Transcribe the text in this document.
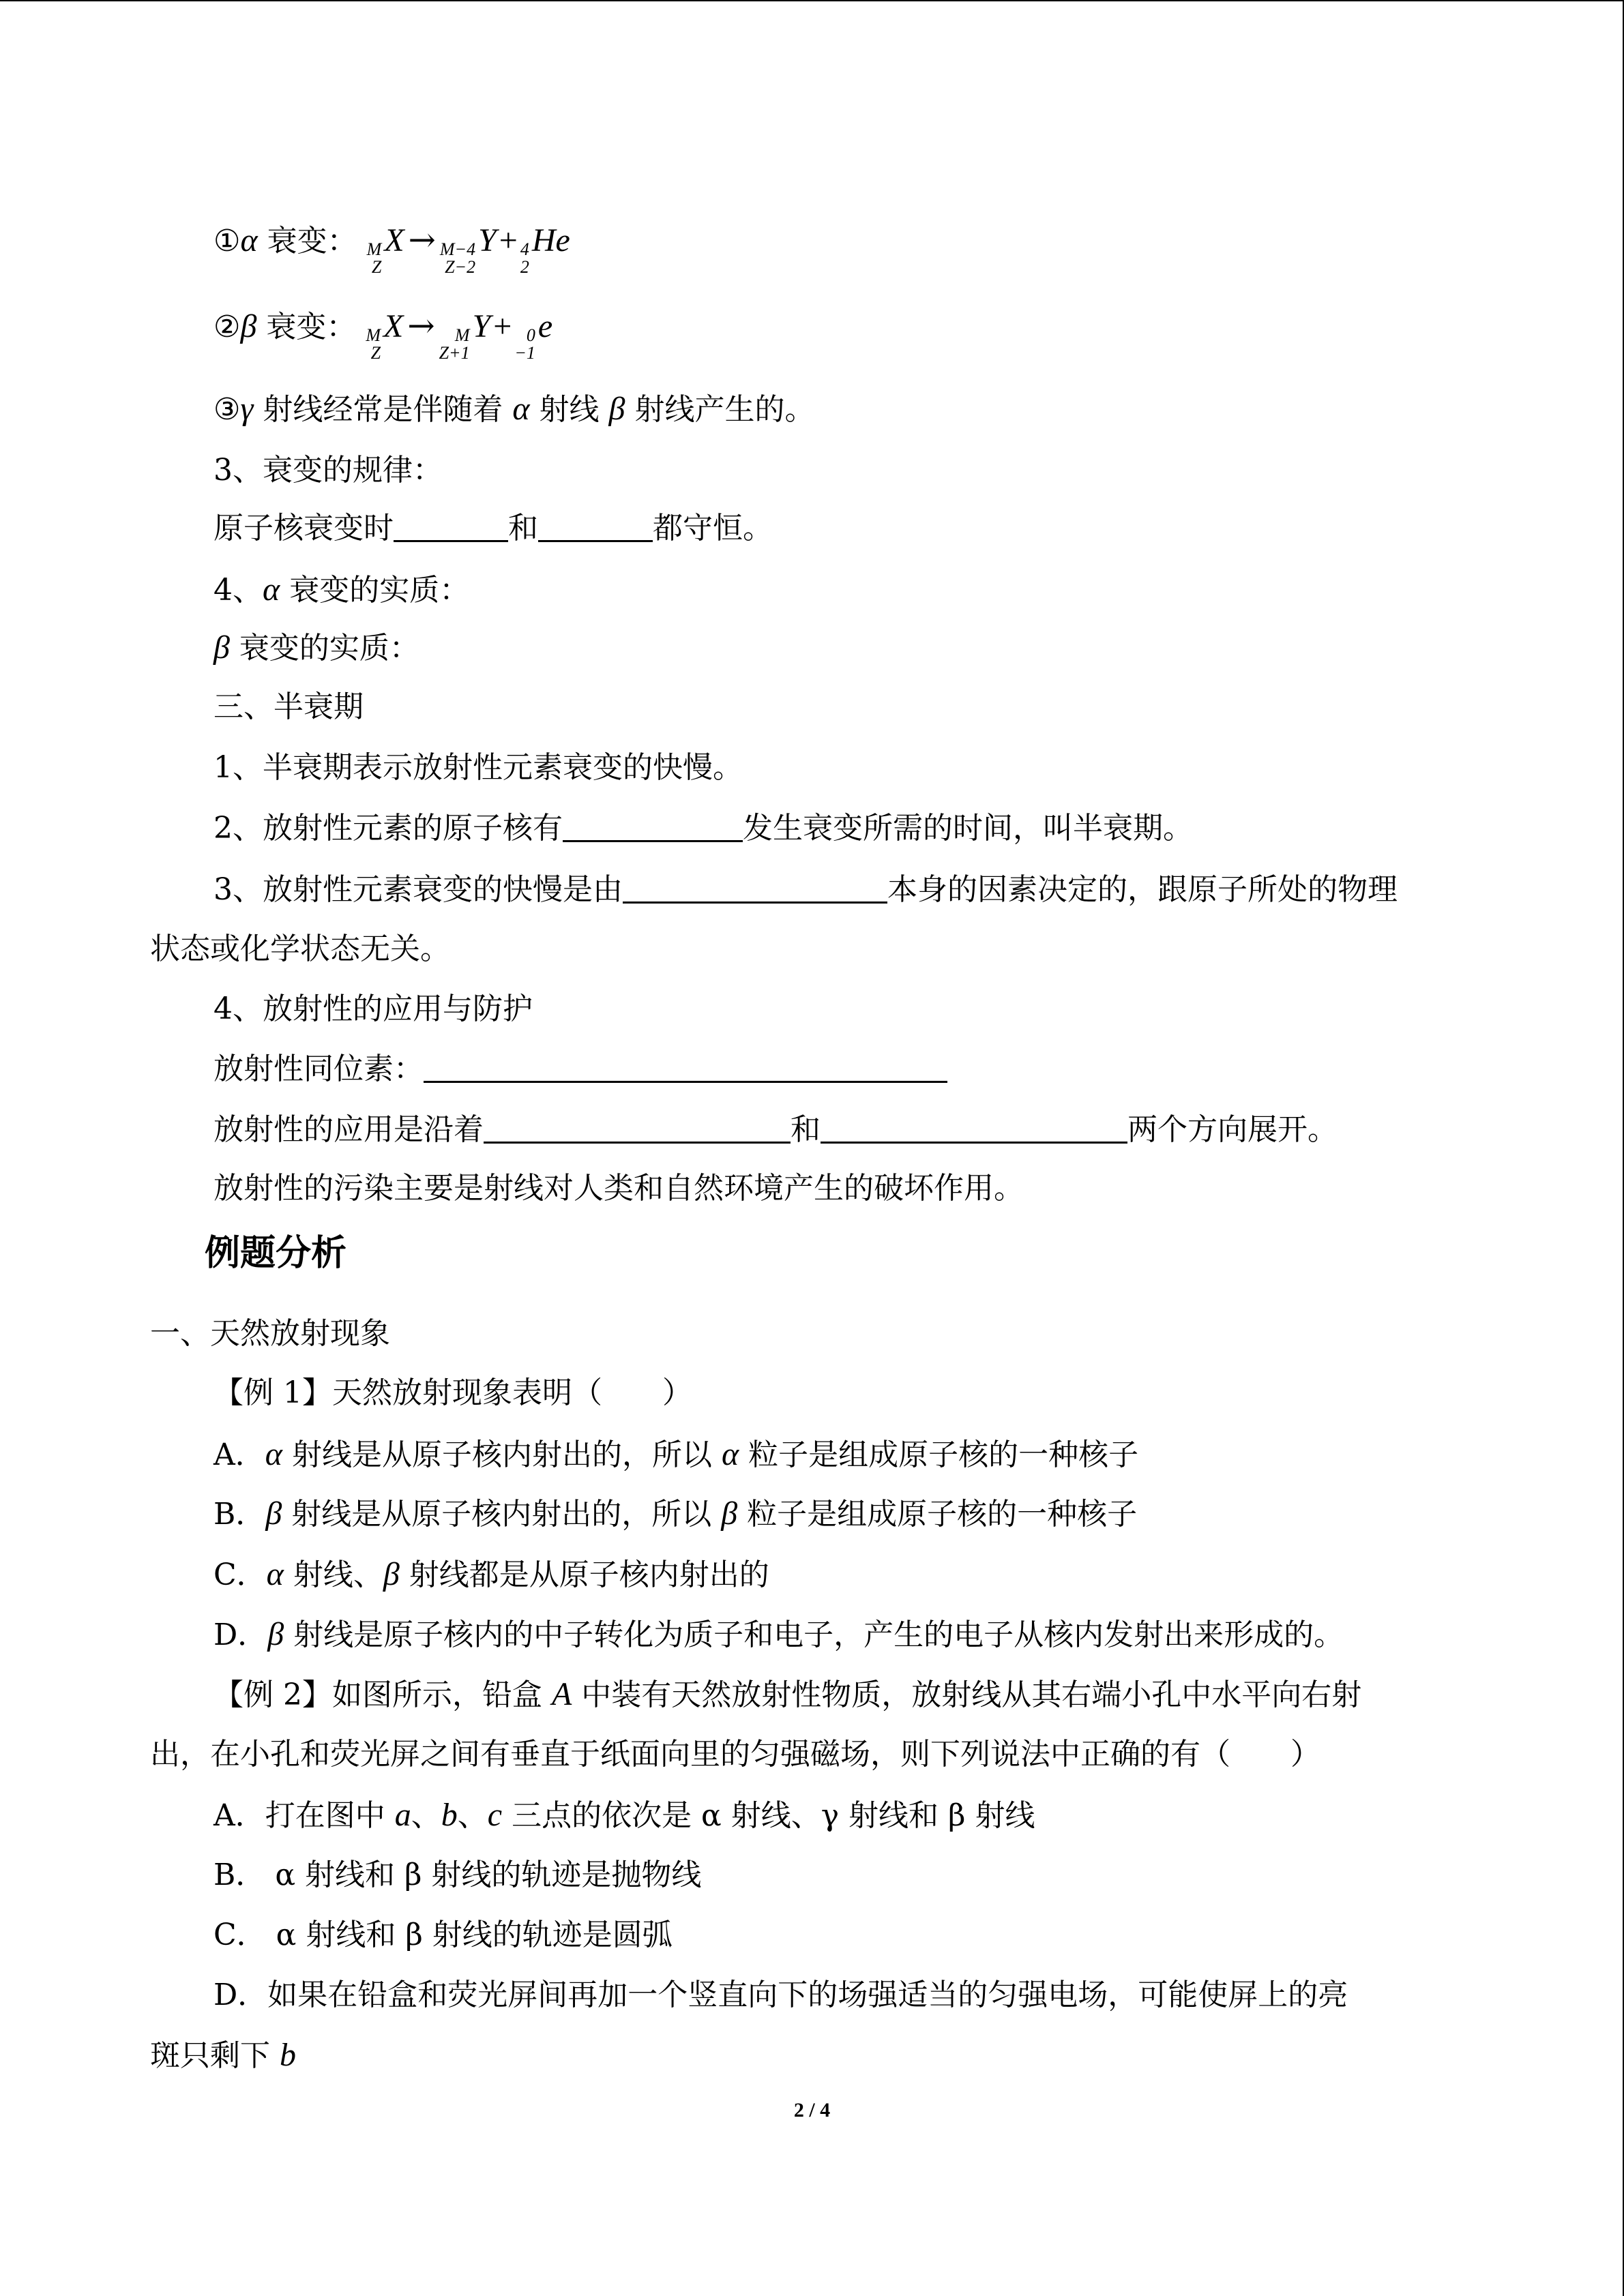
①α 衰变： M
Z
X → M−4
Z−2
Y+ 4
2
He
②β 衰变： M
Z
X → M
Z+1
Y+ 0
−1
e
③γ 射线经常是伴随着 α 射线 β 射线产生的。
3、衰变的规律：
原子核衰变时	和	都守恒。
4、α 衰变的实质：
β 衰变的实质：
三、半衰期
1、半衰期表示放射性元素衰变的快慢。
2、放射性元素的原子核有	发生衰变所需的时间，叫半衰期。
3、放射性元素衰变的快慢是由	本身的因素决定的，跟原子所处的物理
状态或化学状态无关。
4、放射性的应用与防护
放射性同位素：
放射性的应用是沿着	和	两个方向展开。
放射性的污染主要是射线对人类和自然环境产生的破坏作用。
例题分析
一、天然放射现象
【例 1】天然放射现象表明（　　）
A．α 射线是从原子核内射出的，所以 α 粒子是组成原子核的一种核子
B．β 射线是从原子核内射出的，所以 β 粒子是组成原子核的一种核子
C．α 射线、β 射线都是从原子核内射出的
D．β 射线是原子核内的中子转化为质子和电子，产生的电子从核内发射出来形成的。
【例 2】如图所示，铅盒 A 中装有天然放射性物质，放射线从其右端小孔中水平向右射
出，在小孔和荧光屏之间有垂直于纸面向里的匀强磁场，则下列说法中正确的有（　　）
A．打在图中 a、b、c 三点的依次是 α 射线、γ 射线和 β 射线
B． α 射线和 β 射线的轨迹是抛物线
C． α 射线和 β 射线的轨迹是圆弧
D．如果在铅盒和荧光屏间再加一个竖直向下的场强适当的匀强电场，可能使屏上的亮
斑只剩下 b
2 / 4
